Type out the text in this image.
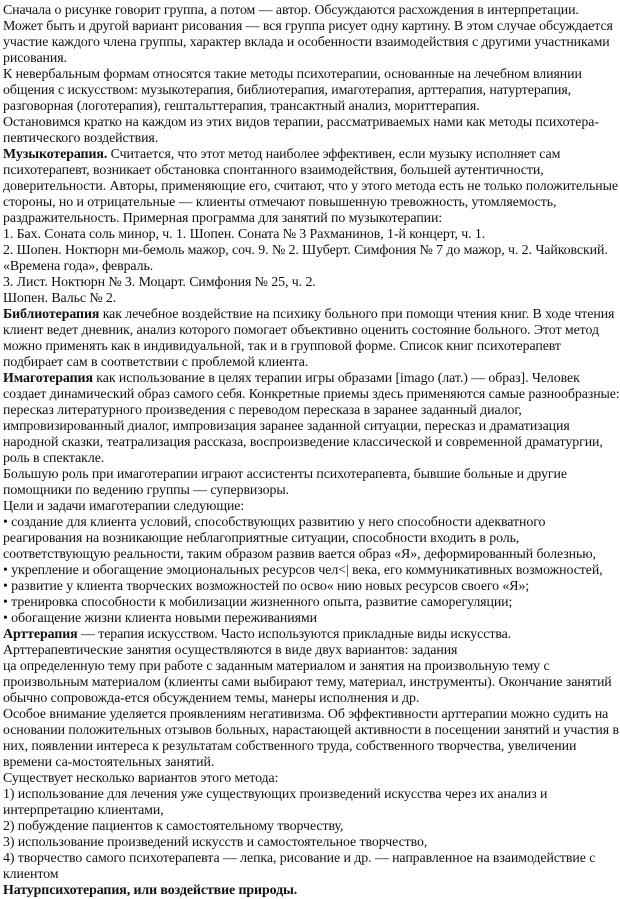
Сначала о рисунке говорит группа, а потом — автор. Обсуждаются расхождения в интерпретации.

Может быть и другой вариант рисования — вся группа рисует одну картину. В этом случае обсуждается участие каждого члена группы, характер вклада и особенности взаимодействия с другими участниками рисования.

К невербальным формам относятся такие методы психотерапии, основанные на лечебном влиянии общения с искусством: музыкотерапия, библиотерапия, имаготерапия, арттерапия, натуртерапия, разговорная (логотерапия), гештальттерапия, трансактный анализ, мориттерапия.

Остановимся кратко на каждом из этих видов терапии, рассматриваемых нами как методы психотера-певтического воздействия.

Музыкотерапия. Считается, что этот метод наиболее эффективен, если музыку исполняет сам психотерапевт, возникает обстановка спонтанного взаимодействия, большей аутентичности, доверительности. Авторы, применяющие его, считают, что у этого метода есть не только положительные стороны, но и отрицательные — клиенты отмечают повышенную тревожность, утомляемость, раздражительность. Примерная программа для занятий по музыкотерапии:

1. Бах. Соната соль минор, ч. 1. Шопен. Соната № 3 Рахманинов, 1-й концерт, ч. 1.

2. Шопен. Ноктюрн ми-бемоль мажор, соч. 9. № 2. Шуберт. Симфония № 7 до мажор, ч. 2. Чайковский. «Времена года», февраль.

3. Лист. Ноктюрн № 3. Моцарт. Симфония № 25, ч. 2.

Шопен. Вальс № 2.

Библиотерапия как лечебное воздействие на психику больного при помощи чтения книг. В ходе чтения клиент ведет дневник, анализ которого помогает объективно оценить состояние больного. Этот метод можно применять как в индивидуальной, так и в групповой форме. Список книг психотерапевт подбирает сам в соответствии с проблемой клиента.

Имаготерапия как использование в целях терапии игры образами [imago (лат.) — образ]. Человек создает динамический образ самого себя. Конкретные приемы здесь применяются самые разнообразные: пересказ литературного произведения с переводом пересказа в заранее заданный диалог, импровизированный диалог, импровизация заранее заданной ситуации, пересказ и драматизация народной сказки, театрализация рассказа, воспроизведение классической и современной драматургии, роль в спектакле.

Большую роль при имаготерапии играют ассистенты психотерапевта, бывшие больные и другие помощники по ведению группы — супервизоры.

Цели и задачи имаготерапии следующие:

• создание для клиента условий, способствующих развитию у него способности адекватного реагирования на возникающие неблагоприятные ситуации, способности входить в роль, соответствующую реальности, таким образом развив вается образ «Я», деформированный болезнью,

• укрепление и обогащение эмоциональных ресурсов чел<| века, его коммуникативных возможностей,

• развитие у клиента творческих возможностей по осво« нию новых ресурсов своего «Я»;

• тренировка способности к мобилизации жизненного опыта, развитие саморегуляции;

• обогащение жизни клиента новыми переживаниями

Арттерапия — терапия искусством. Часто используются прикладные виды искусства. Арттерапевтические занятия осуществляются в виде двух вариантов: задания

ца определенную тему при работе с заданным материалом и занятия на произвольную тему с произвольным материалом (клиенты сами выбирают тему, материал, инструменты). Окончание занятий обычно сопровожда-ется обсуждением темы, манеры исполнения и др.

Особое внимание уделяется проявлениям негативизма. Об эффективности арттерапии можно судить на основании положительных отзывов больных, нарастающей активности в посещении занятий и участия в них, появлении интереса к результатам собственного труда, собственного творчества, увеличении времени са-мостоятельных занятий.

Существует несколько вариантов этого метода:

1) использование для лечения уже существующих произведений искусства через их анализ и интерпретацию клиентами,

2) побуждение пациентов к самостоятельному творчеству,

3) использование произведений искусств и самостоятельное творчество,

4) творчество самого психотерапевта — лепка, рисование и др. — направленное на взаимодействие с клиентом

Натурпсихотерапия, или воздействие природы.
